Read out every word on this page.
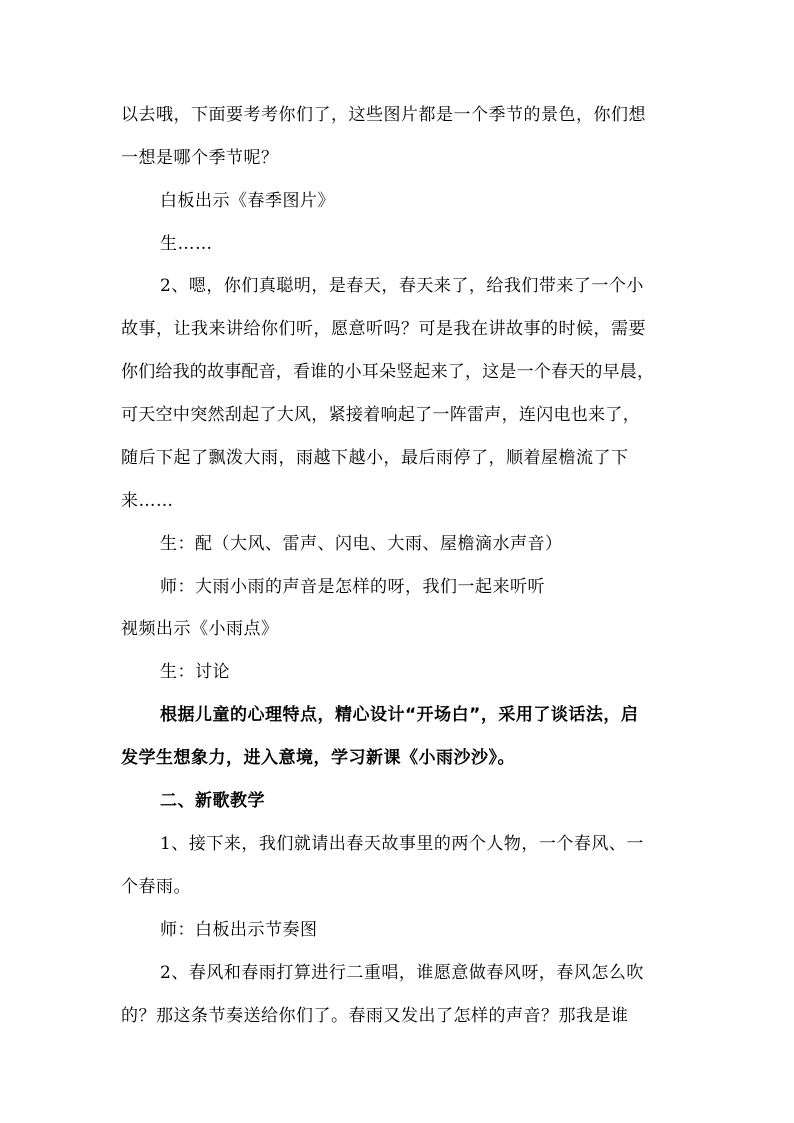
以去哦，下面要考考你们了，这些图片都是一个季节的景色，你们想
一想是哪个季节呢？
白板出示《春季图片》
生……
2、嗯，你们真聪明，是春天，春天来了，给我们带来了一个小
故事，让我来讲给你们听，愿意听吗？可是我在讲故事的时候，需要
你们给我的故事配音，看谁的小耳朵竖起来了，这是一个春天的早晨，
可天空中突然刮起了大风，紧接着响起了一阵雷声，连闪电也来了，
随后下起了飘泼大雨，雨越下越小，最后雨停了，顺着屋檐流了下
来……
生：配（大风、雷声、闪电、大雨、屋檐滴水声音）
师：大雨小雨的声音是怎样的呀，我们一起来听听
视频出示《小雨点》
生：讨论
根据儿童的心理特点，精心设计“开场白”，采用了谈话法，启
发学生想象力，进入意境，学习新课《小雨沙沙》。
二、新歌教学
1、接下来，我们就请出春天故事里的两个人物，一个春风、一
个春雨。
师：白板出示节奏图
2、春风和春雨打算进行二重唱，谁愿意做春风呀，春风怎么吹
的？那这条节奏送给你们了。春雨又发出了怎样的声音？那我是谁
